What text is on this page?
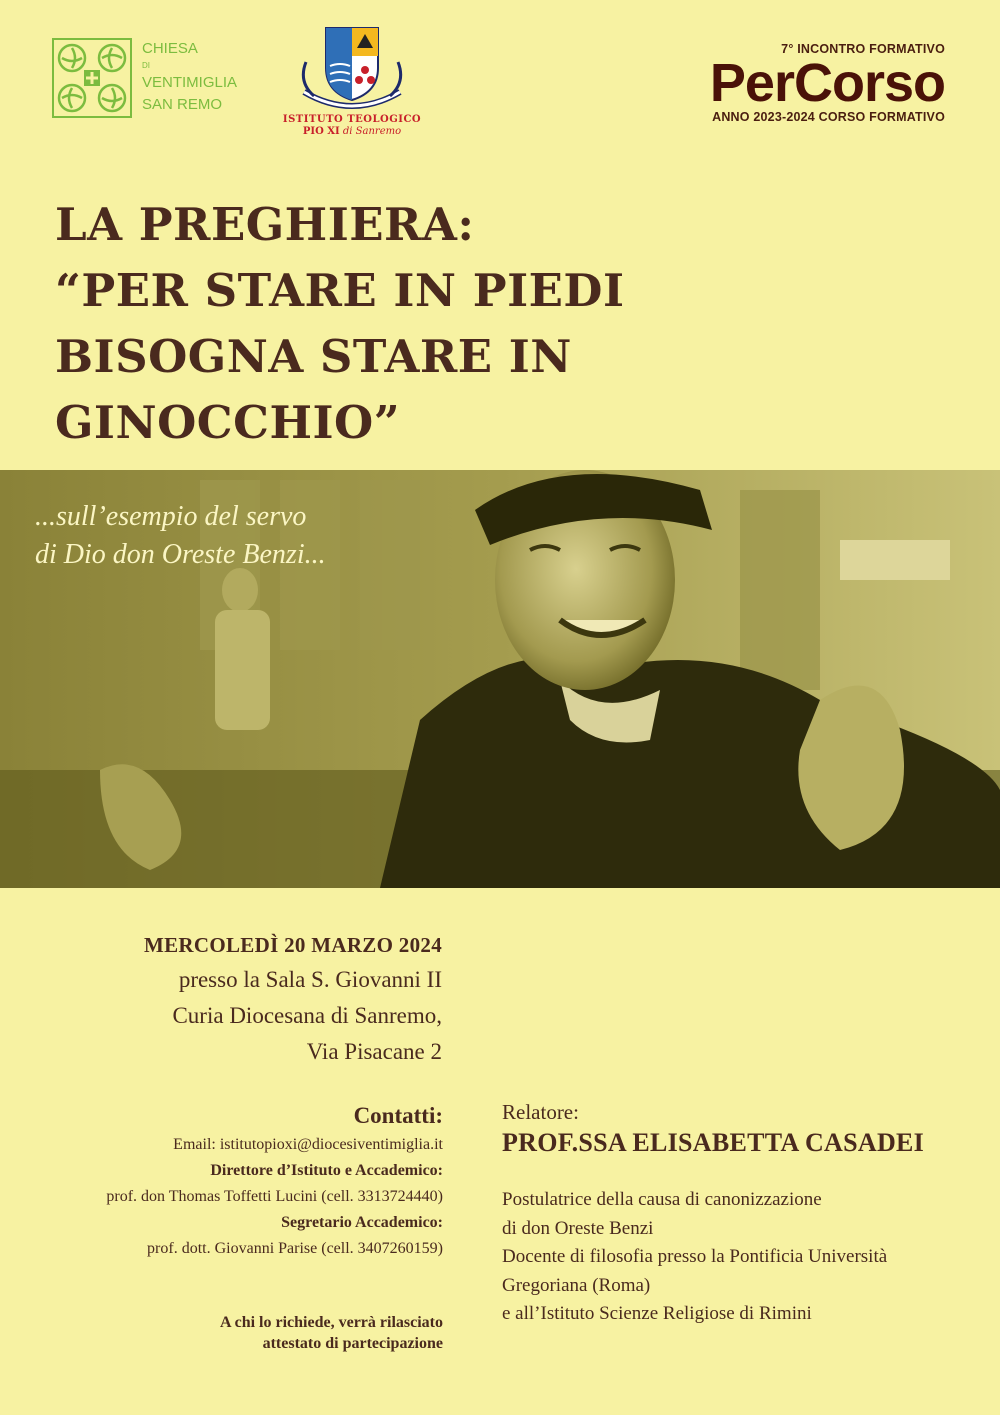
CHIESA
DI
VENTIMIGLIA
SAN REMO
ISTITUTO TEOLOGICO
PIO XI di Sanremo
7° INCONTRO FORMATIVO
PerCorso
ANNO 2023-2024 CORSO FORMATIVO
LA PREGHIERA:
“PER STARE IN PIEDI
BISOGNA STARE IN
GINOCCHIO”
...sull’esempio del servo
di Dio don Oreste Benzi...
MERCOLEDÌ 20 MARZO 2024
presso la Sala S. Giovanni II
Curia Diocesana di Sanremo,
Via Pisacane 2
Contatti:
Email: istitutopioxi@diocesiventimiglia.it
Direttore d’Istituto e Accademico:
prof. don Thomas Toffetti Lucini (cell. 3313724440)
Segretario Accademico:
prof. dott. Giovanni Parise (cell. 3407260159)
A chi lo richiede, verrà rilasciato
attestato di partecipazione
Relatore:
PROF.SSA ELISABETTA CASADEI
Postulatrice della causa di canonizzazione
di don Oreste Benzi
Docente di filosofia presso la Pontificia Università
Gregoriana (Roma)
e all’Istituto Scienze Religiose di Rimini
